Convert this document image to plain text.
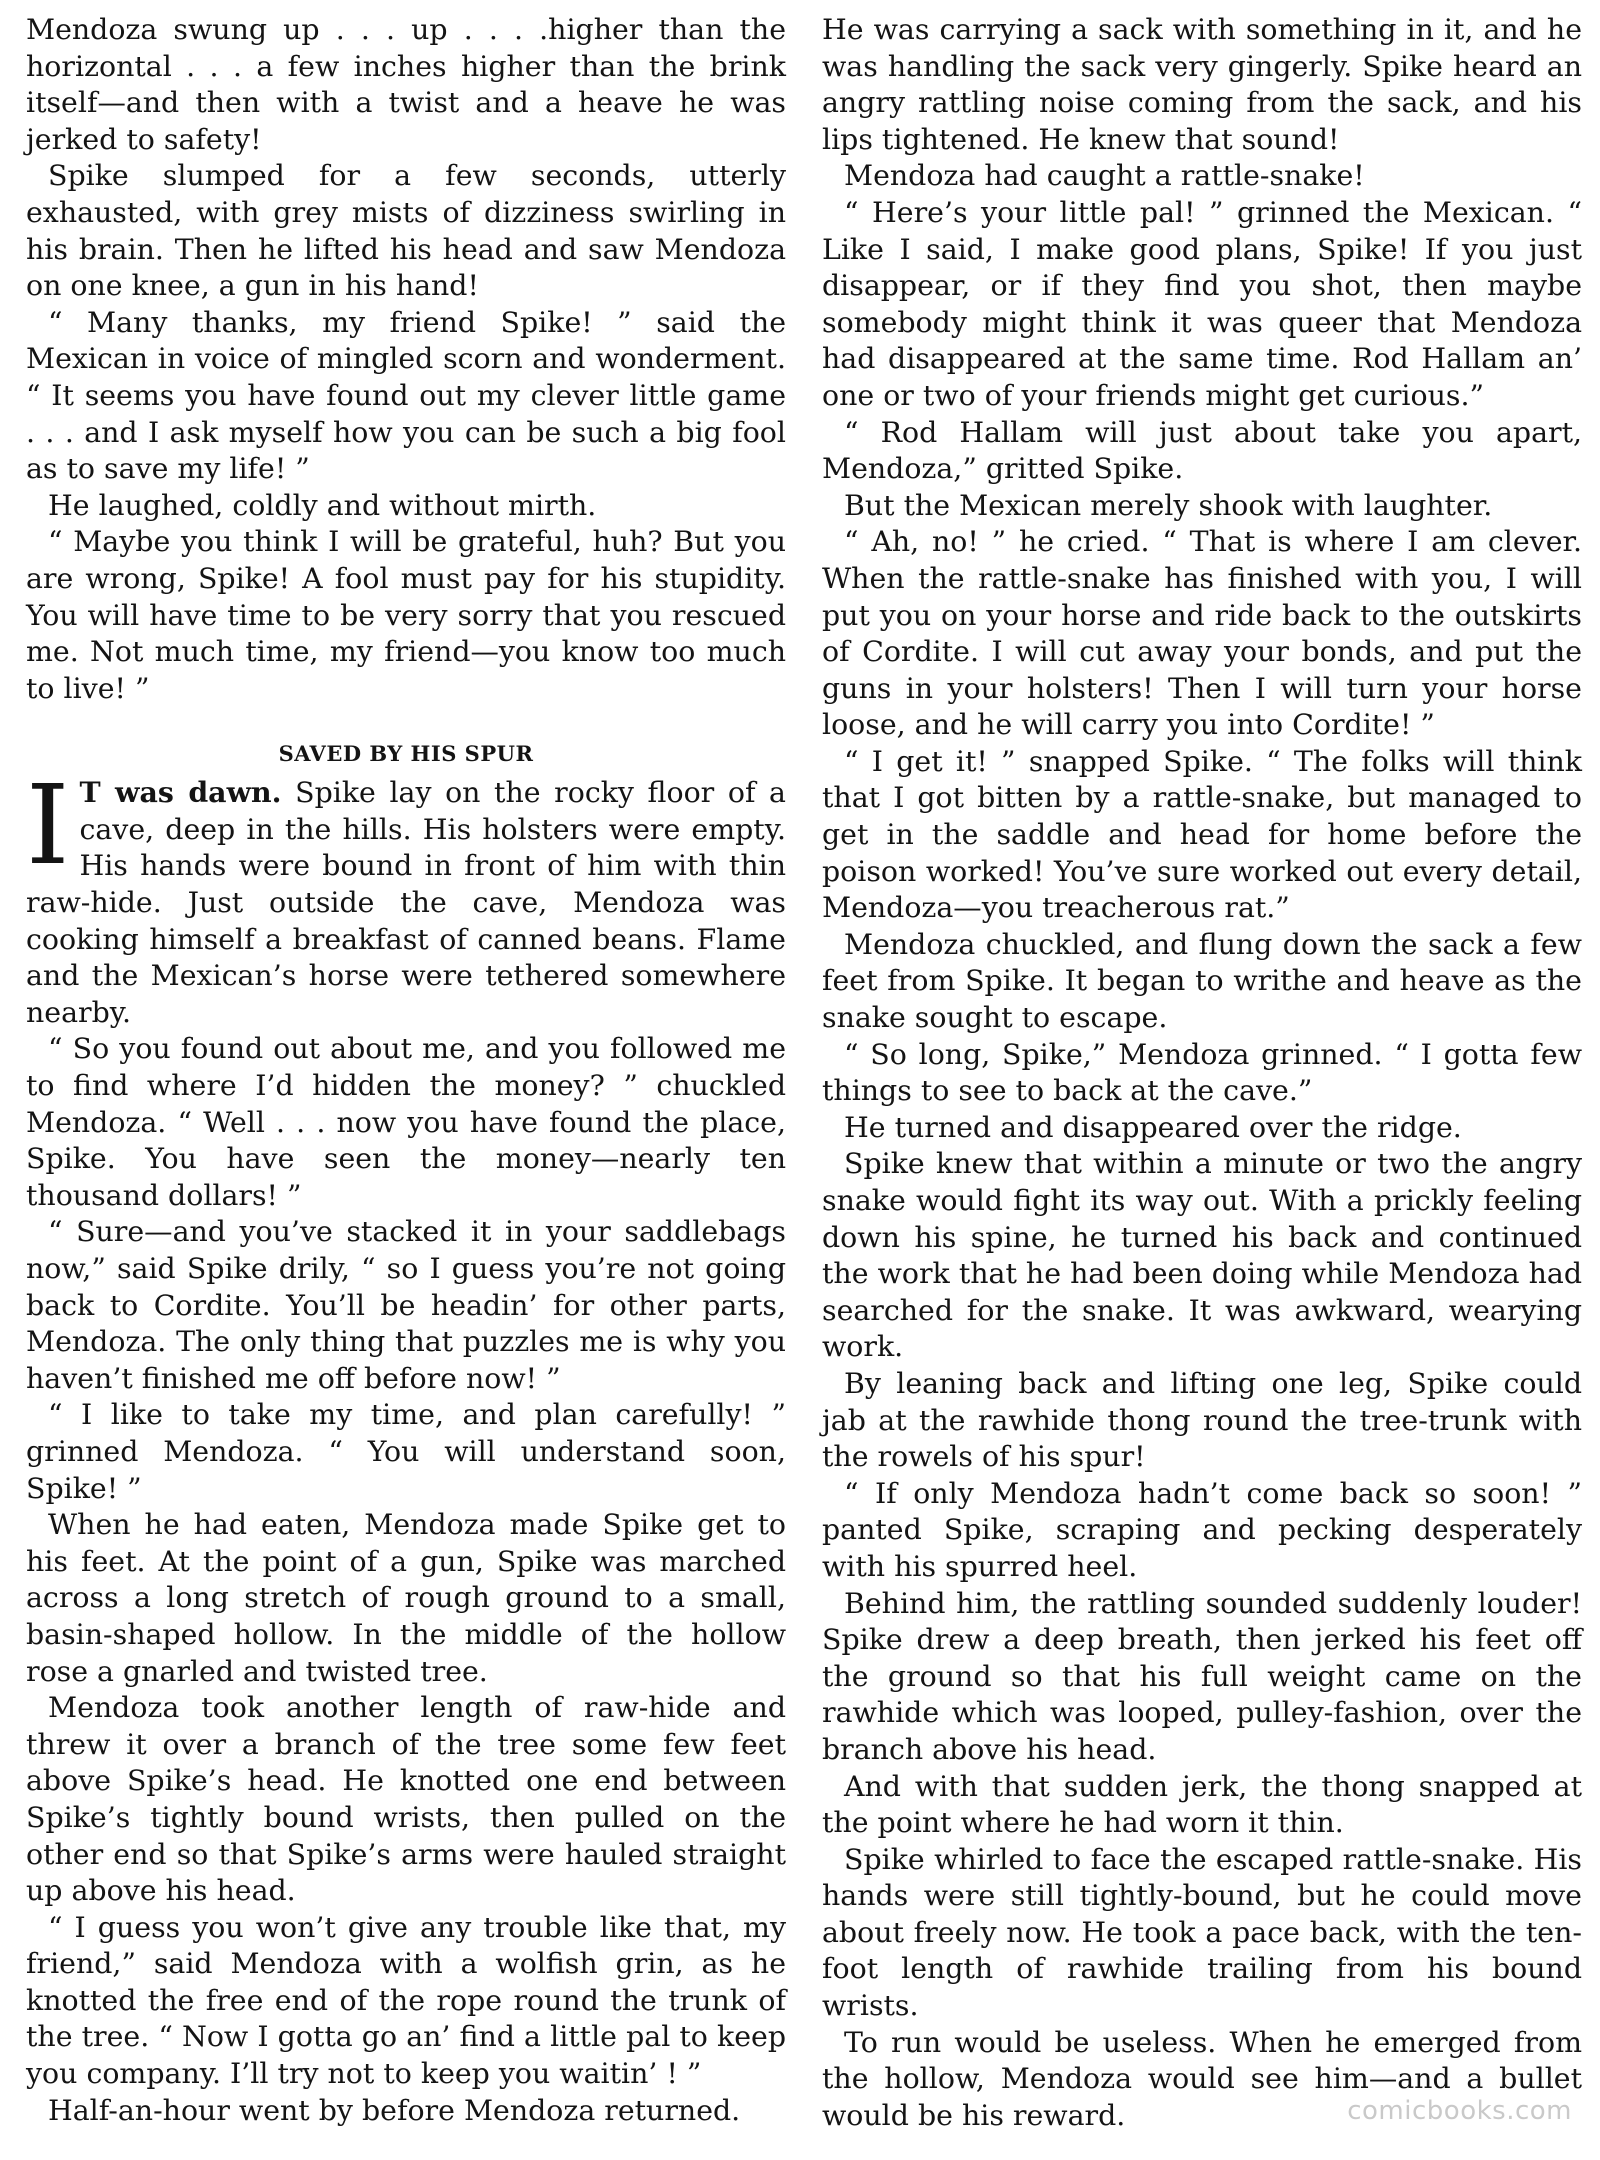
Mendoza swung up . . . up . . . .higher than the horizontal . . . a few inches higher than the brink itself—and then with a twist and a heave he was jerked to safety!

Spike slumped for a few seconds, utterly exhausted, with grey mists of dizziness swirling in his brain. Then he lifted his head and saw Mendoza on one knee, a gun in his hand!

“ Many thanks, my friend Spike! ” said the Mexican in voice of mingled scorn and wonderment. “ It seems you have found out my clever little game . . . and I ask myself how you can be such a big fool as to save my life! ”

He laughed, coldly and without mirth.

“ Maybe you think I will be grateful, huh? But you are wrong, Spike! A fool must pay for his stupidity. You will have time to be very sorry that you rescued me. Not much time, my friend—you know too much to live! ”

SAVED BY HIS SPUR

I T was dawn. Spike lay on the rocky floor of a cave, deep in the hills. His holsters were empty. His hands were bound in front of him with thin raw-hide. Just outside the cave, Mendoza was cooking himself a breakfast of canned beans. Flame and the Mexican’s horse were tethered somewhere nearby.

“ So you found out about me, and you followed me to find where I’d hidden the money? ” chuckled Mendoza. “ Well . . . now you have found the place, Spike. You have seen the money—nearly ten thousand dollars! ”

“ Sure—and you’ve stacked it in your saddlebags now,” said Spike drily, “ so I guess you’re not going back to Cordite. You’ll be headin’ for other parts, Mendoza. The only thing that puzzles me is why you haven’t finished me off before now! ”

“ I like to take my time, and plan carefully! ” grinned Mendoza. “ You will understand soon, Spike! ”

When he had eaten, Mendoza made Spike get to his feet. At the point of a gun, Spike was marched across a long stretch of rough ground to a small, basin-shaped hollow. In the middle of the hollow rose a gnarled and twisted tree.

Mendoza took another length of raw-hide and threw it over a branch of the tree some few feet above Spike’s head. He knotted one end between Spike’s tightly bound wrists, then pulled on the other end so that Spike’s arms were hauled straight up above his head.

“ I guess you won’t give any trouble like that, my friend,” said Mendoza with a wolfish grin, as he knotted the free end of the rope round the trunk of the tree. “ Now I gotta go an’ find a little pal to keep you company. I’ll try not to keep you waitin’ ! ”

Half-an-hour went by before Mendoza returned.

He was carrying a sack with something in it, and he was handling the sack very gingerly. Spike heard an angry rattling noise coming from the sack, and his lips tightened. He knew that sound!

Mendoza had caught a rattle-snake!

“ Here’s your little pal! ” grinned the Mexican. “ Like I said, I make good plans, Spike! If you just disappear, or if they find you shot, then maybe somebody might think it was queer that Mendoza had disappeared at the same time. Rod Hallam an’ one or two of your friends might get curious.”

“ Rod Hallam will just about take you apart, Mendoza,” gritted Spike.

But the Mexican merely shook with laughter.

“ Ah, no! ” he cried. “ That is where I am clever. When the rattle-snake has finished with you, I will put you on your horse and ride back to the outskirts of Cordite. I will cut away your bonds, and put the guns in your holsters! Then I will turn your horse loose, and he will carry you into Cordite! ”

“ I get it! ” snapped Spike. “ The folks will think that I got bitten by a rattle-snake, but managed to get in the saddle and head for home before the poison worked! You’ve sure worked out every detail, Mendoza—you treacherous rat.”

Mendoza chuckled, and flung down the sack a few feet from Spike. It began to writhe and heave as the snake sought to escape.

“ So long, Spike,” Mendoza grinned. “ I gotta few things to see to back at the cave.”

He turned and disappeared over the ridge.

Spike knew that within a minute or two the angry snake would fight its way out. With a prickly feeling down his spine, he turned his back and continued the work that he had been doing while Mendoza had searched for the snake. It was awkward, wearying work.

By leaning back and lifting one leg, Spike could jab at the rawhide thong round the tree-trunk with the rowels of his spur!

“ If only Mendoza hadn’t come back so soon! ” panted Spike, scraping and pecking desperately with his spurred heel.

Behind him, the rattling sounded suddenly louder! Spike drew a deep breath, then jerked his feet off the ground so that his full weight came on the rawhide which was looped, pulley-fashion, over the branch above his head.

And with that sudden jerk, the thong snapped at the point where he had worn it thin.

Spike whirled to face the escaped rattle-snake. His hands were still tightly-bound, but he could move about freely now. He took a pace back, with the ten-foot length of rawhide trailing from his bound wrists.

To run would be useless. When he emerged from the hollow, Mendoza would see him—and a bullet would be his reward.	comicbooks.com
